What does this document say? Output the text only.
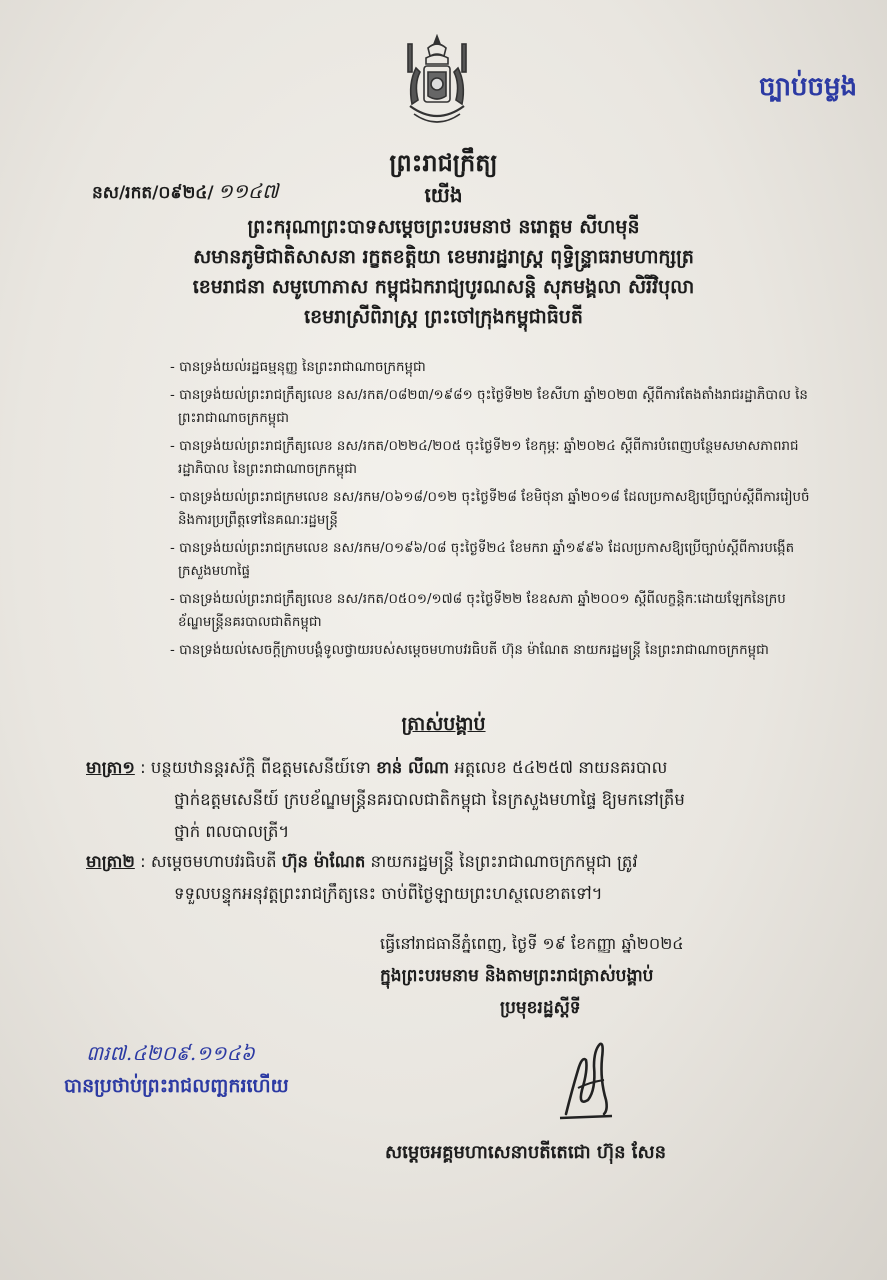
ច្បាប់ចម្លង
ព្រះរាជក្រឹត្យ
នស/រកត/០៩២៤/ ១១៤៧	យើង
ព្រះករុណាព្រះបាទសម្តេចព្រះបរមនាថ នរោត្តម សីហមុនី
សមានភូមិជាតិសាសនា រក្ខតខត្តិយា ខេមរារដ្ឋរាស្ត្រ ពុទ្ធិន្ទ្រាធរាមហាក្សត្រ
ខេមរាជនា សមូហោភាស កម្ពុជឯករាជ្យបូរណសន្តិ សុភមង្គលា សិរីវិបុលា
ខេមរាស្រីពិរាស្ត្រ ព្រះចៅក្រុងកម្ពុជាធិបតី
- បានទ្រង់យល់រដ្ឋធម្មនុញ្ញ នៃព្រះរាជាណាចក្រកម្ពុជា
- បានទ្រង់យល់ព្រះរាជក្រឹត្យលេខ នស/រកត/០៨២៣/១៩៨១ ចុះថ្ងៃទី២២ ខែសីហា ឆ្នាំ២០២៣ ស្តីពីការតែងតាំងរាជរដ្ឋាភិបាល នៃព្រះរាជាណាចក្រកម្ពុជា
- បានទ្រង់យល់ព្រះរាជក្រឹត្យលេខ នស/រកត/០២២៤/២០៥ ចុះថ្ងៃទី២១ ខែកុម្ភៈ ឆ្នាំ២០២៤ ស្តីពីការបំពេញបន្ថែមសមាសភាពរាជរដ្ឋាភិបាល នៃព្រះរាជាណាចក្រកម្ពុជា
- បានទ្រង់យល់ព្រះរាជក្រមលេខ នស/រកម/០៦១៨/០១២ ចុះថ្ងៃទី២៨ ខែមិថុនា ឆ្នាំ២០១៨ ដែលប្រកាសឱ្យប្រើច្បាប់ស្តីពីការរៀបចំ និងការប្រព្រឹត្តទៅនៃគណៈរដ្ឋមន្ត្រី
- បានទ្រង់យល់ព្រះរាជក្រមលេខ នស/រកម/០១៩៦/០៨ ចុះថ្ងៃទី២៤ ខែមករា ឆ្នាំ១៩៩៦ ដែលប្រកាសឱ្យប្រើច្បាប់ស្តីពីការបង្កើតក្រសួងមហាផ្ទៃ
- បានទ្រង់យល់ព្រះរាជក្រឹត្យលេខ នស/រកត/០៥០១/១៧៨ ចុះថ្ងៃទី២២ ខែឧសភា ឆ្នាំ២០០១ ស្តីពីលក្ខន្តិកៈដោយឡែកនៃក្របខ័ណ្ឌមន្ត្រីនគរបាលជាតិកម្ពុជា
- បានទ្រង់យល់សេចក្តីក្រាបបង្គំទូលថ្វាយរបស់សម្តេចមហាបវរធិបតី ហ៊ុន ម៉ាណែត នាយករដ្ឋមន្ត្រី នៃព្រះរាជាណាចក្រកម្ពុជា
ត្រាស់បង្គាប់
មាត្រា១ : បន្ថយឋានន្តរស័ក្តិ ពីឧត្តមសេនីយ៍ទោ ខាន់ លីណា អត្តលេខ ៥៤២៥៧ នាយនគរបាល
ថ្នាក់ឧត្តមសេនីយ៍ ក្របខ័ណ្ឌមន្ត្រីនគរបាលជាតិកម្ពុជា នៃក្រសួងមហាផ្ទៃ ឱ្យមកនៅត្រឹម
ថ្នាក់ ពលបាលត្រី។
មាត្រា២ : សម្តេចមហាបវរធិបតី ហ៊ុន ម៉ាណែត នាយករដ្ឋមន្ត្រី នៃព្រះរាជាណាចក្រកម្ពុជា ត្រូវ
ទទួលបន្ទុកអនុវត្តព្រះរាជក្រឹត្យនេះ ចាប់ពីថ្ងៃឡាយព្រះហស្ថលេខាតទៅ។
ធ្វើនៅរាជធានីភ្នំពេញ, ថ្ងៃទី ១៩ ខែកញ្ញា ឆ្នាំ២០២៤
ក្នុងព្រះបរមនាម និងតាមព្រះរាជត្រាស់បង្គាប់
ប្រមុខរដ្ឋស្តីទី
៣រ៧.៤២០៩.១១៤៦
បានប្រថាប់ព្រះរាជលញ្ឆករហើយ
សម្តេចអគ្គមហាសេនាបតីតេជោ ហ៊ុន សែន
